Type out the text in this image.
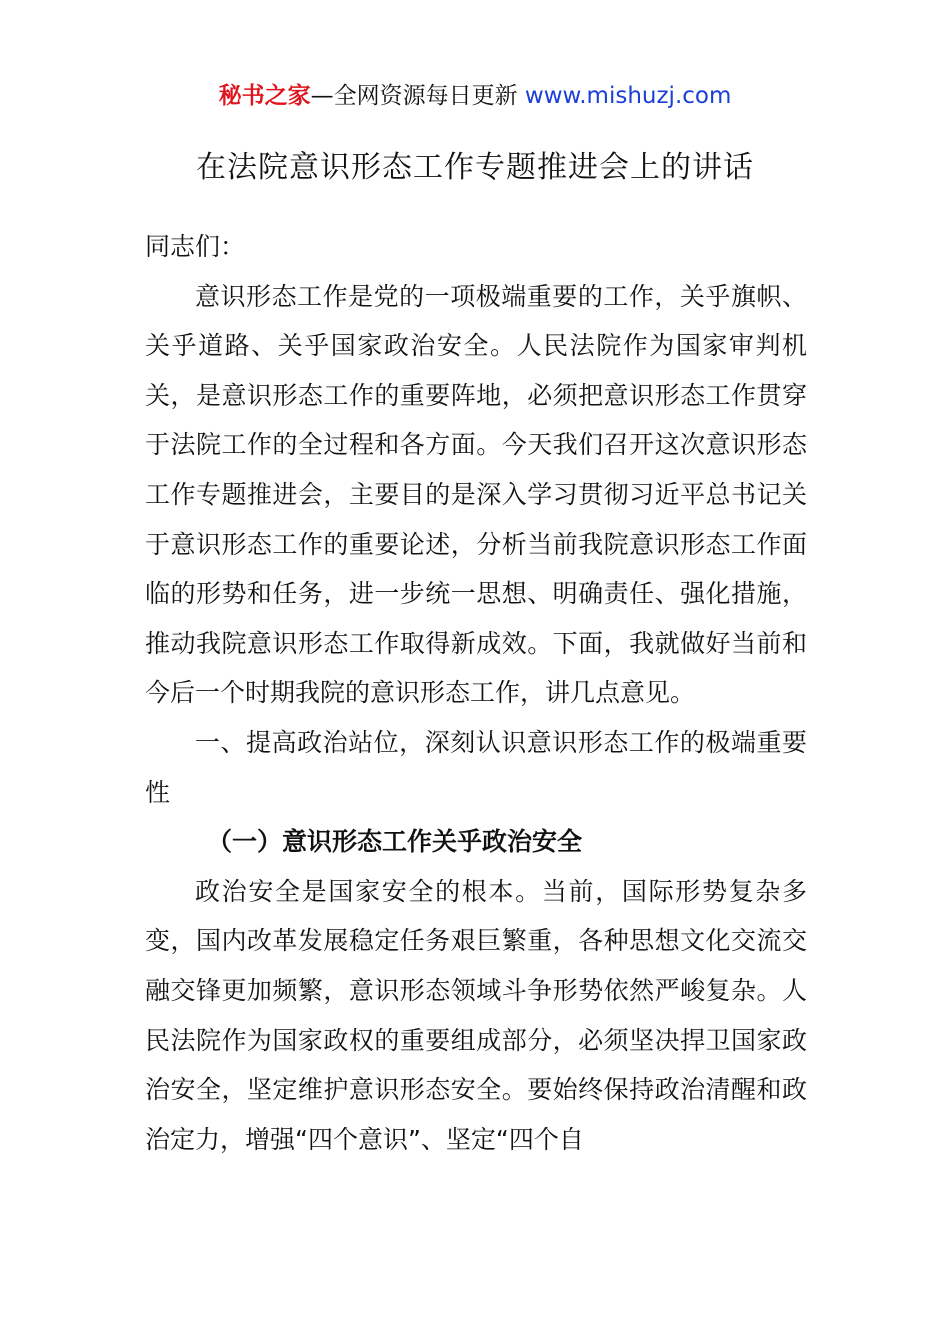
秘书之家—全网资源每日更新 www.mishuzj.com
在法院意识形态工作专题推进会上的讲话

同志们：

意识形态工作是党的一项极端重要的工作，关乎旗帜、关乎道路、关乎国家政治安全。人民法院作为国家审判机关，是意识形态工作的重要阵地，必须把意识形态工作贯穿于法院工作的全过程和各方面。今天我们召开这次意识形态工作专题推进会，主要目的是深入学习贯彻习近平总书记关于意识形态工作的重要论述，分析当前我院意识形态工作面临的形势和任务，进一步统一思想、明确责任、强化措施，推动我院意识形态工作取得新成效。下面，我就做好当前和今后一个时期我院的意识形态工作，讲几点意见。

一、提高政治站位，深刻认识意识形态工作的极端重要性

（一）意识形态工作关乎政治安全

政治安全是国家安全的根本。当前，国际形势复杂多变，国内改革发展稳定任务艰巨繁重，各种思想文化交流交融交锋更加频繁，意识形态领域斗争形势依然严峻复杂。人民法院作为国家政权的重要组成部分，必须坚决捍卫国家政治安全，坚定维护意识形态安全。要始终保持政治清醒和政治定力，增强“四个意识”、坚定“四个自
